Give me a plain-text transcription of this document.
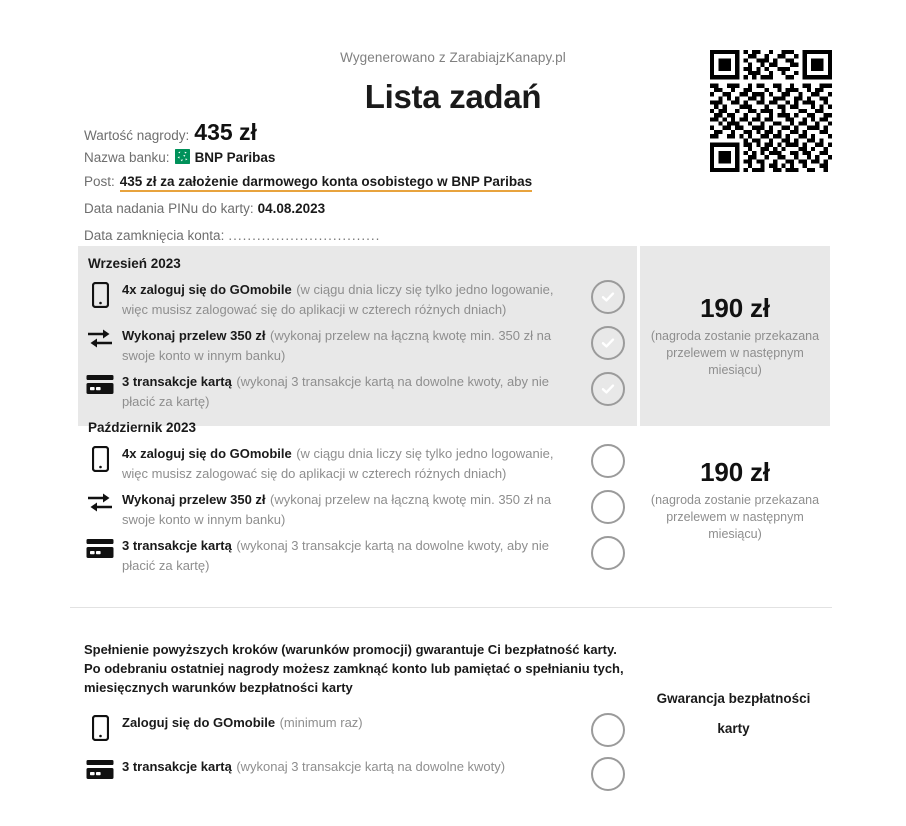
Wygenerowano z ZarabiajzKanapy.pl
Lista zadań
Wartość nagrody: 435 zł
Nazwa banku: BNP Paribas
Post: 435 zł za założenie darmowego konta osobistego w BNP Paribas
Data nadania PINu do karty: 04.08.2023
Data zamknięcia konta: ................................
Wrzesień 2023
4x zaloguj się do GOmobile (w ciągu dnia liczy się tylko jedno logowanie, więc musisz zalogować się do aplikacji w czterech różnych dniach)
Wykonaj przelew 350 zł (wykonaj przelew na łączną kwotę min. 350 zł na swoje konto w innym banku)
3 transakcje kartą (wykonaj 3 transakcje kartą na dowolne kwoty, aby nie płacić za kartę)
190 zł
(nagroda zostanie przekazana przelewem w następnym miesiącu)
Październik 2023
4x zaloguj się do GOmobile (w ciągu dnia liczy się tylko jedno logowanie, więc musisz zalogować się do aplikacji w czterech różnych dniach)
Wykonaj przelew 350 zł (wykonaj przelew na łączną kwotę min. 350 zł na swoje konto w innym banku)
3 transakcje kartą (wykonaj 3 transakcje kartą na dowolne kwoty, aby nie płacić za kartę)
190 zł
(nagroda zostanie przekazana przelewem w następnym miesiącu)
Spełnienie powyższych kroków (warunków promocji) gwarantuje Ci bezpłatność karty.
Po odebraniu ostatniej nagrody możesz zamknąć konto lub pamiętać o spełnianiu tych,
miesięcznych warunków bezpłatności karty
Zaloguj się do GOmobile (minimum raz)
3 transakcje kartą (wykonaj 3 transakcje kartą na dowolne kwoty)
Gwarancja bezpłatności
karty
